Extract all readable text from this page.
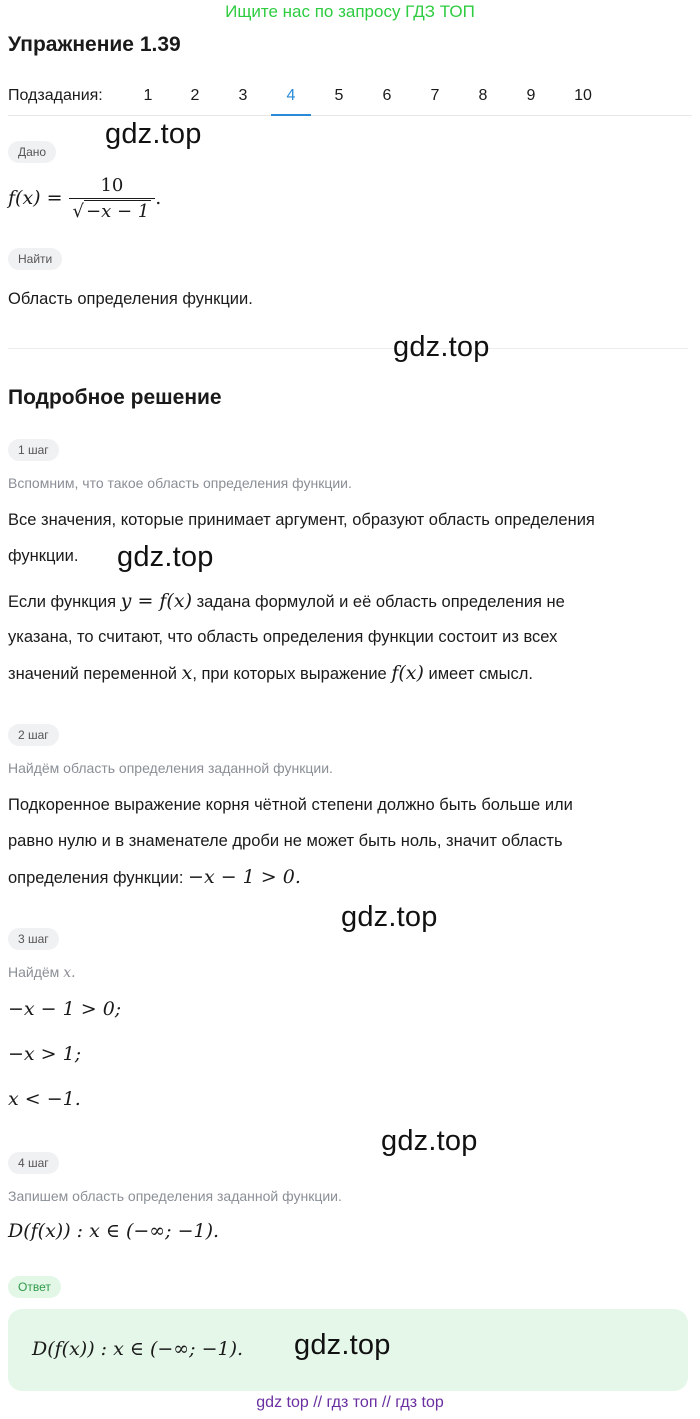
Ищите нас по запросу ГДЗ ТОП
Упражнение 1.39
Подзадания:	1	2	3	4	5	6	7	8	9	10
gdz.top
Дано
$f(x) = \frac{10}{√ -x - 1}$ .
Найти
Область определения функции.
gdz.top
Подробное решение
1 шаг
Вспомним, что такое область определения функции.
Все значения, которые принимает аргумент, образуют область определения
функции. gdz.top
Если функция y = f(x) задана формулой и её область определения не
указана, то считают, что область определения функции состоит из всех
значений переменной x, при которых выражение f(x) имеет смысл.
2 шаг
Найдём область определения заданной функции.
Подкоренное выражение корня чётной степени должно быть больше или
равно нулю и в знаменателе дроби не может быть ноль, значит область
определения функции: −x − 1 > 0.
gdz.top
3 шаг
Найдём x.
−x − 1 > 0;
−x > 1;
x < −1.
gdz.top
4 шаг
Запишем область определения заданной функции.
D(f(x)) : x ∈ (−∞; −1).
Ответ
D(f(x)) : x ∈ (−∞; −1). gdz.top
gdz top // гдз топ // гдз top
